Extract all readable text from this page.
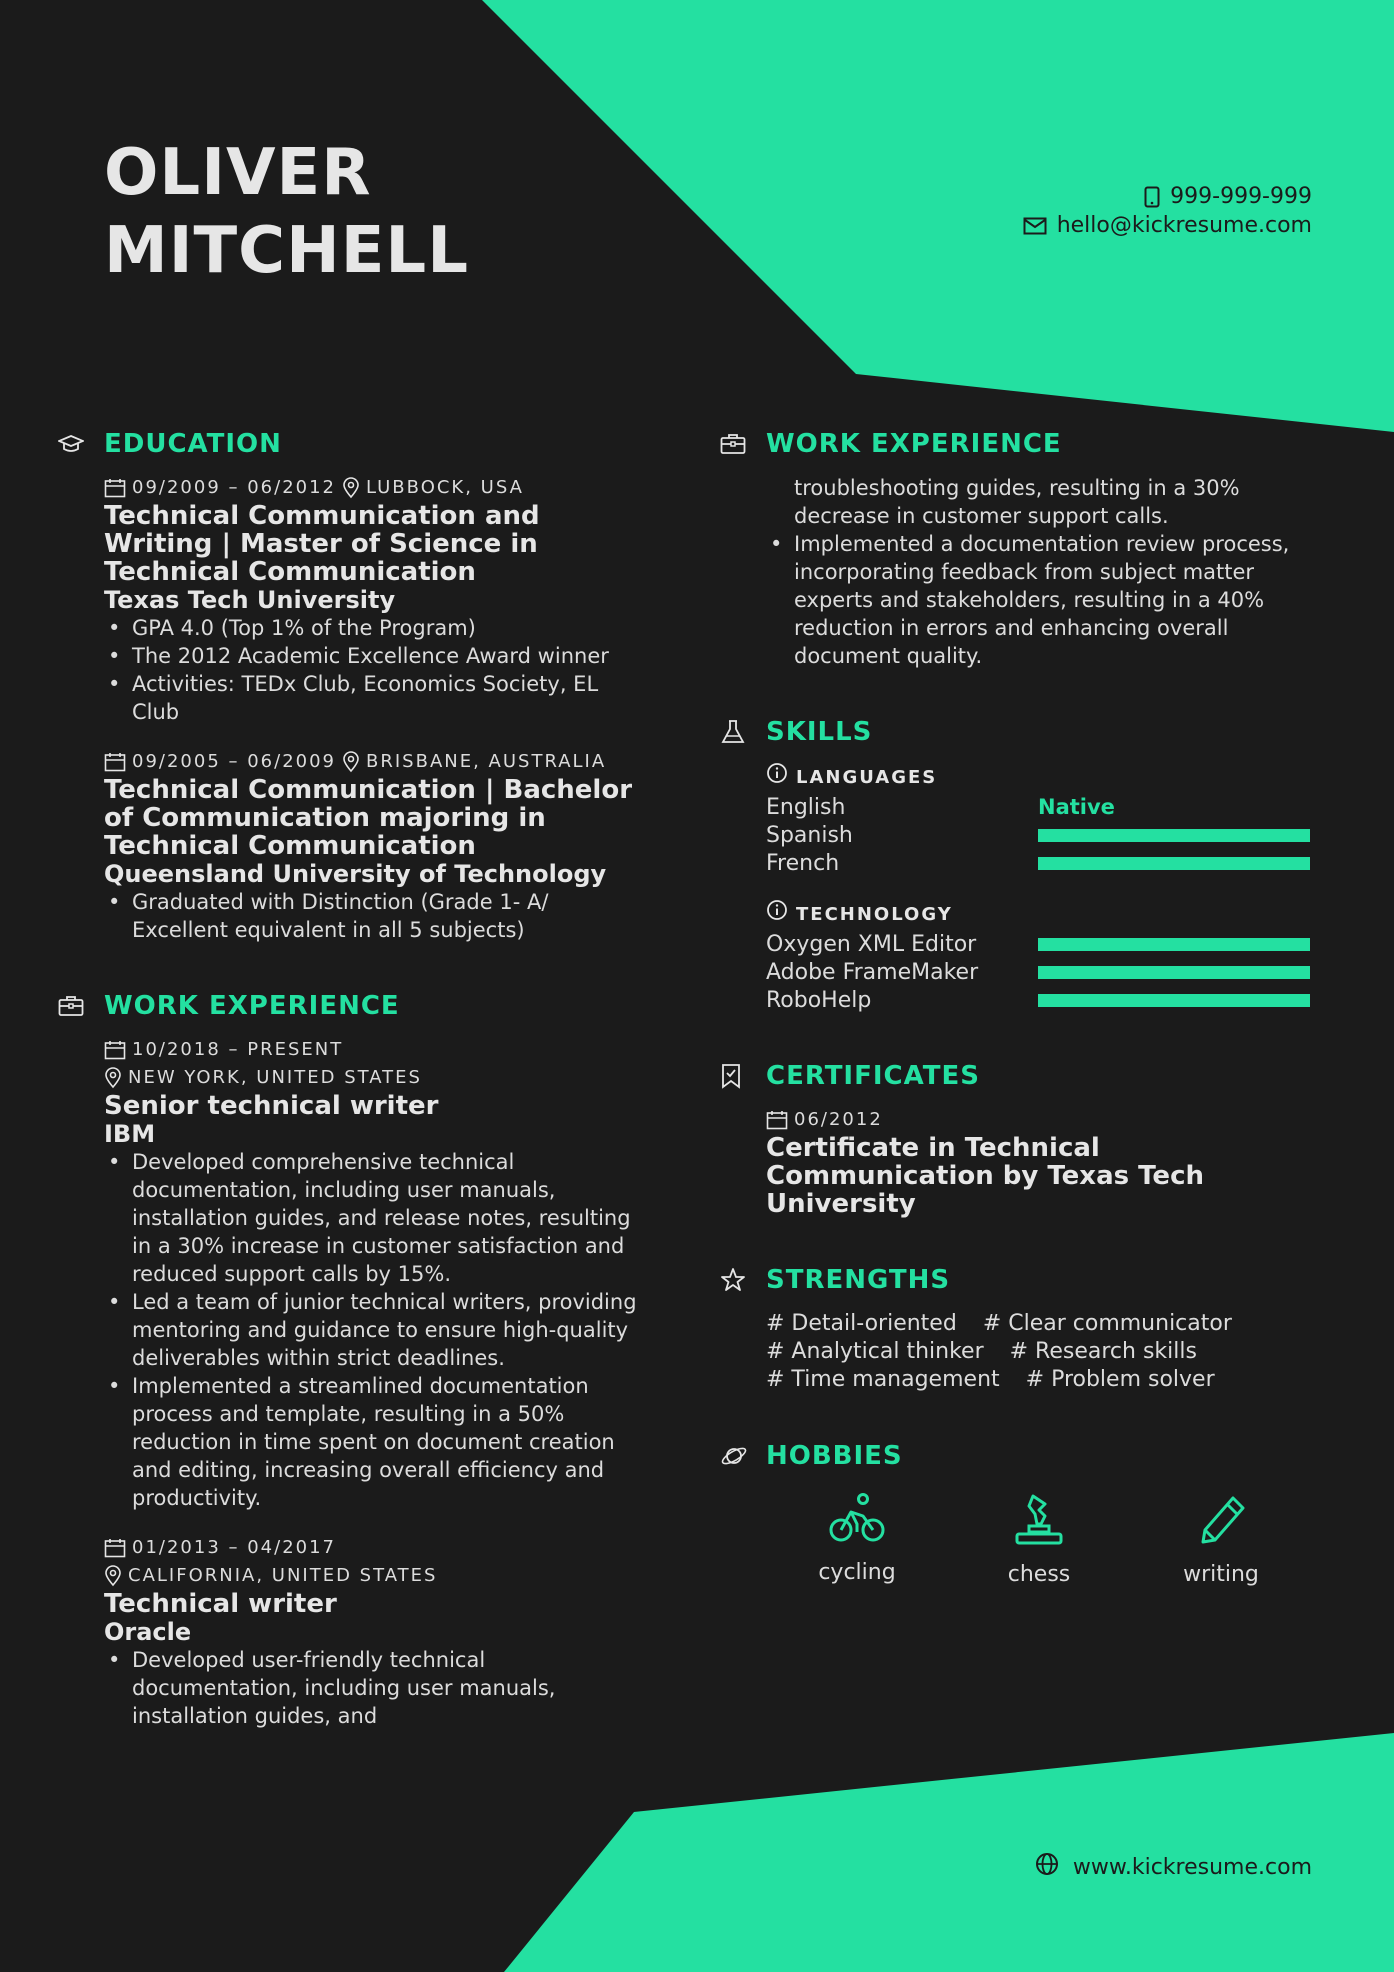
OLIVER
MITCHELL
999-999-999
hello@kickresume.com
EDUCATION
09/2009 – 06/2012 LUBBOCK, USA
Technical Communication and Writing | Master of Science in Technical Communication
Texas Tech University
• GPA 4.0 (Top 1% of the Program)
• The 2012 Academic Excellence Award winner
• Activities: TEDx Club, Economics Society, EL Club
09/2005 – 06/2009 BRISBANE, AUSTRALIA
Technical Communication | Bachelor of Communication majoring in Technical Communication
Queensland University of Technology
• Graduated with Distinction (Grade 1- A/ Excellent equivalent in all 5 subjects)
WORK EXPERIENCE
10/2018 – PRESENT
NEW YORK, UNITED STATES
Senior technical writer
IBM
• Developed comprehensive technical documentation, including user manuals, installation guides, and release notes, resulting in a 30% increase in customer satisfaction and reduced support calls by 15%.
• Led a team of junior technical writers, providing mentoring and guidance to ensure high-quality deliverables within strict deadlines.
• Implemented a streamlined documentation process and template, resulting in a 50% reduction in time spent on document creation and editing, increasing overall efficiency and productivity.
01/2013 – 04/2017
CALIFORNIA, UNITED STATES
Technical writer
Oracle
• Developed user-friendly technical documentation, including user manuals, installation guides, and
WORK EXPERIENCE
troubleshooting guides, resulting in a 30% decrease in customer support calls.
• Implemented a documentation review process, incorporating feedback from subject matter experts and stakeholders, resulting in a 40% reduction in errors and enhancing overall document quality.
SKILLS
LANGUAGES
English	Native
Spanish
French
TECHNOLOGY
Oxygen XML Editor
Adobe FrameMaker
RoboHelp
CERTIFICATES
06/2012
Certificate in Technical Communication by Texas Tech University
STRENGTHS
# Detail-oriented # Clear communicator
# Analytical thinker # Research skills
# Time management # Problem solver
HOBBIES
cycling	chess	writing
www.kickresume.com
